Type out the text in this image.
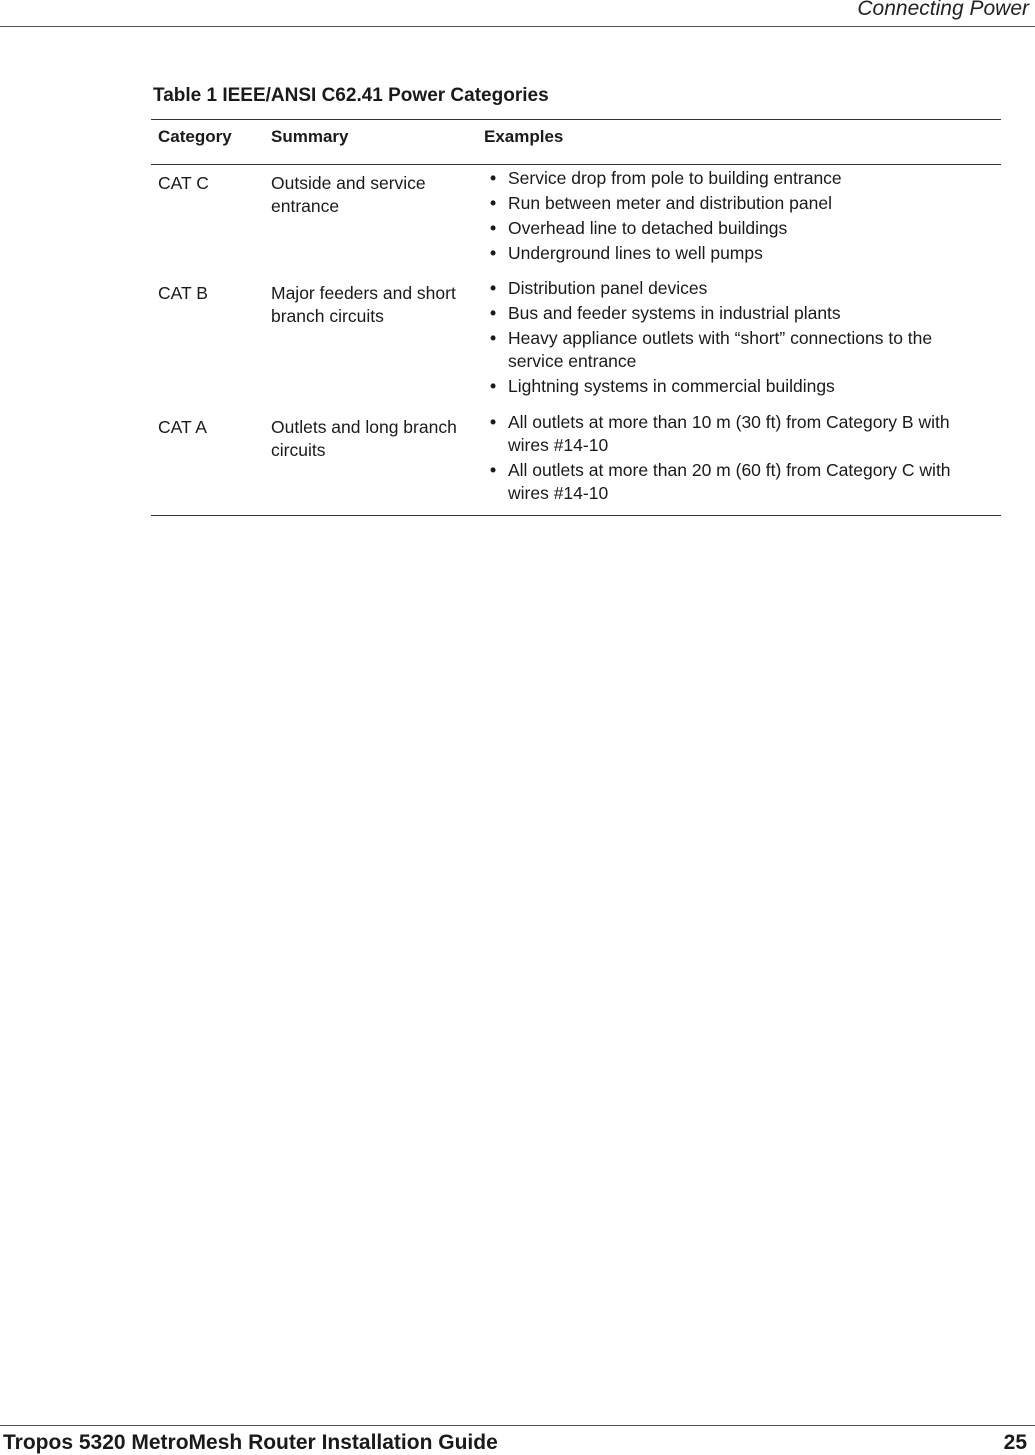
Connecting Power
Table 1 IEEE/ANSI C62.41 Power Categories
Category	Summary	Examples
CAT C	Outside and service entrance
• Service drop from pole to building entrance
• Run between meter and distribution panel
• Overhead line to detached buildings
• Underground lines to well pumps
CAT B	Major feeders and short branch circuits
• Distribution panel devices
• Bus and feeder systems in industrial plants
• Heavy appliance outlets with “short” connections to the service entrance
• Lightning systems in commercial buildings
CAT A	Outlets and long branch circuits
• All outlets at more than 10 m (30 ft) from Category B with wires #14-10
• All outlets at more than 20 m (60 ft) from Category C with wires #14-10
Tropos 5320 MetroMesh Router Installation Guide	25
